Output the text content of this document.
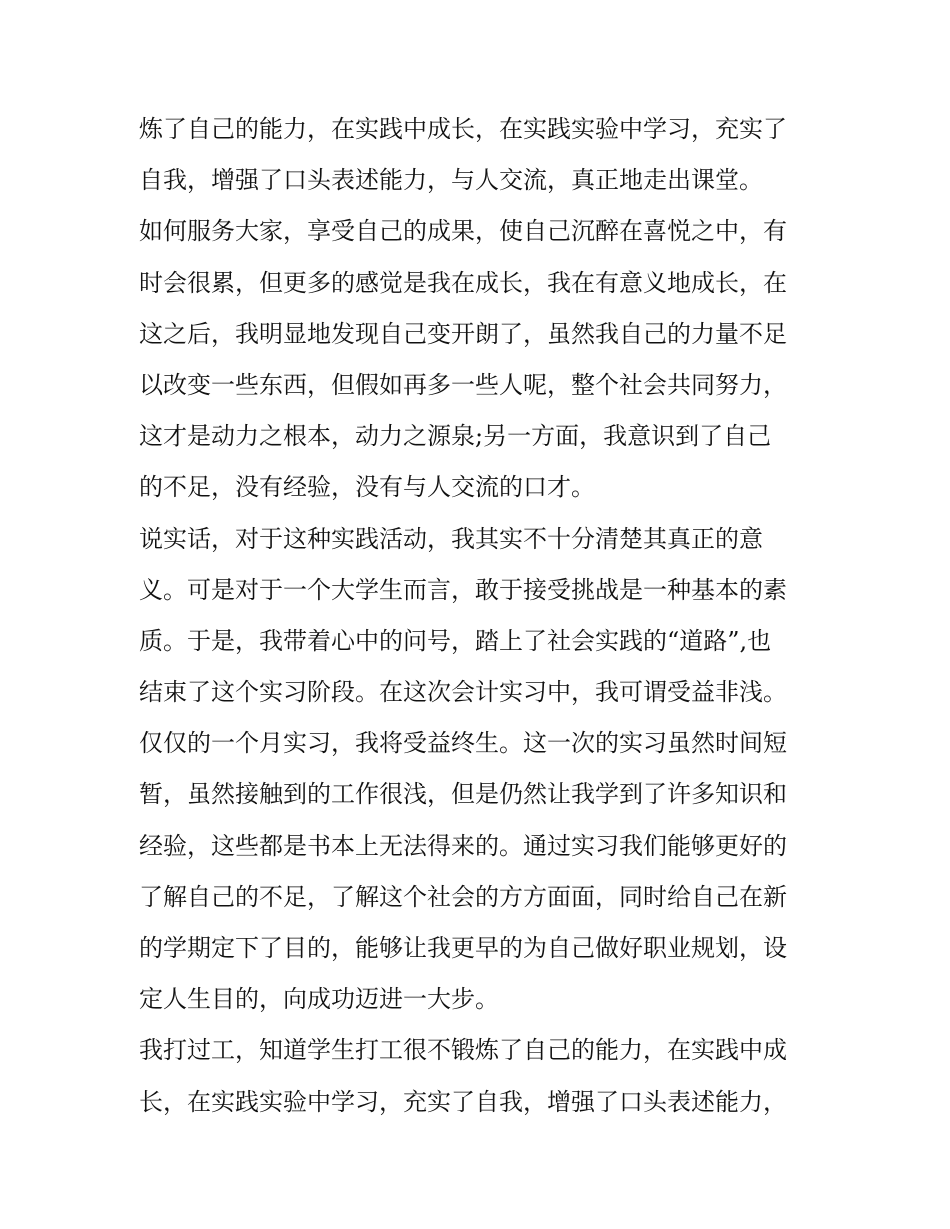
炼了自己的能力，在实践中成长，在实践实验中学习，充实了
自我，增强了口头表述能力，与人交流，真正地走出课堂。
如何服务大家，享受自己的成果，使自己沉醉在喜悦之中，有
时会很累，但更多的感觉是我在成长，我在有意义地成长，在
这之后，我明显地发现自己变开朗了，虽然我自己的力量不足
以改变一些东西，但假如再多一些人呢，整个社会共同努力，
这才是动力之根本，动力之源泉;另一方面，我意识到了自己
的不足，没有经验，没有与人交流的口才。
说实话，对于这种实践活动，我其实不十分清楚其真正的意
义。可是对于一个大学生而言，敢于接受挑战是一种基本的素
质。于是，我带着心中的问号，踏上了社会实践的“道路”,也
结束了这个实习阶段。在这次会计实习中，我可谓受益非浅。
仅仅的一个月实习，我将受益终生。这一次的实习虽然时间短
暂，虽然接触到的工作很浅，但是仍然让我学到了许多知识和
经验，这些都是书本上无法得来的。通过实习我们能够更好的
了解自己的不足，了解这个社会的方方面面，同时给自己在新
的学期定下了目的，能够让我更早的为自己做好职业规划，设
定人生目的，向成功迈进一大步。
我打过工，知道学生打工很不锻炼了自己的能力，在实践中成
长，在实践实验中学习，充实了自我，增强了口头表述能力，
